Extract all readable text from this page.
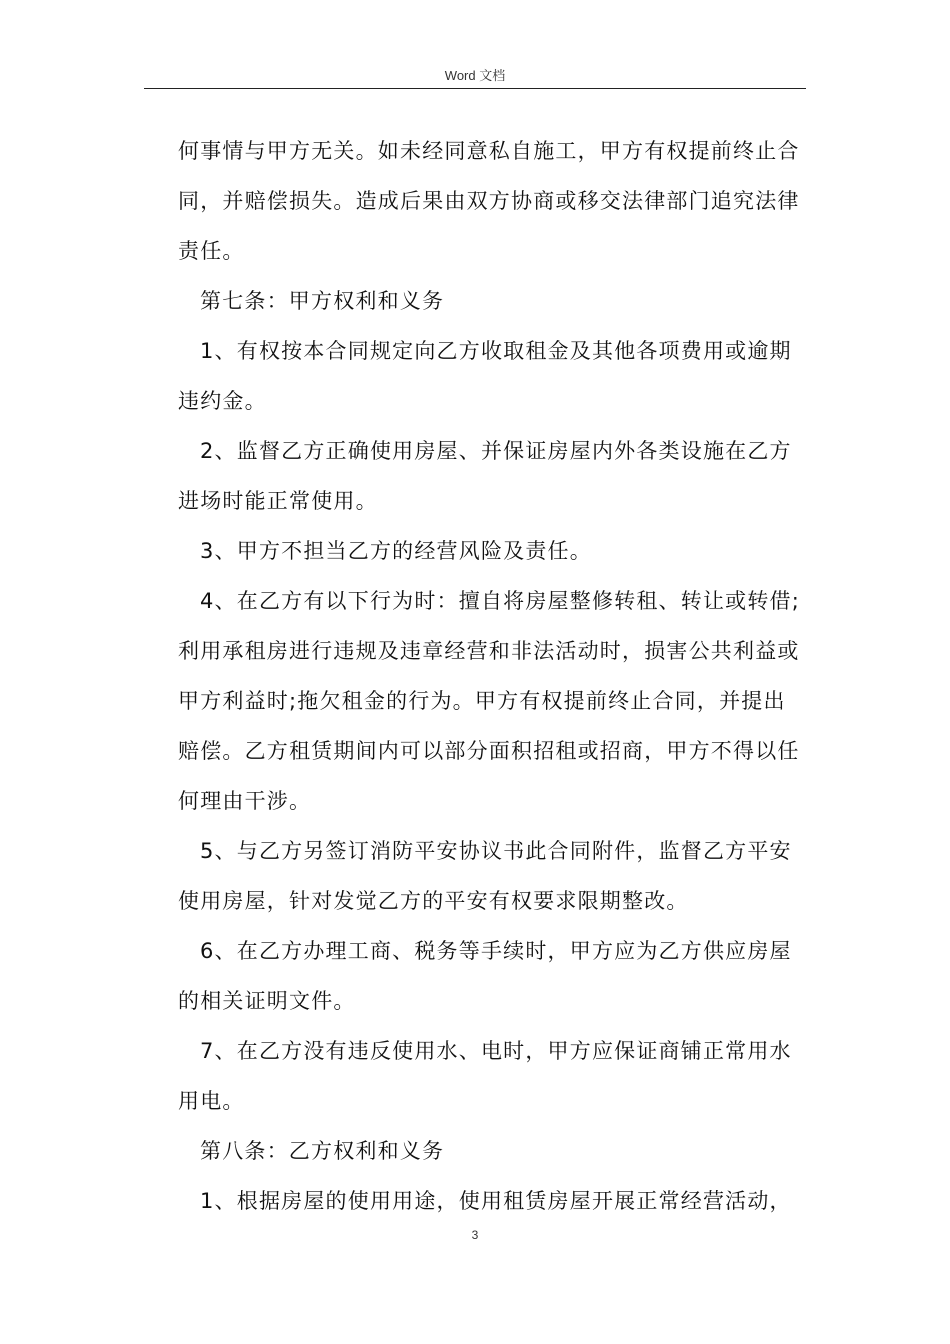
Word 文档

何事情与甲方无关。如未经同意私自施工，甲方有权提前终止合
同，并赔偿损失。造成后果由双方协商或移交法律部门追究法律
责任。

第七条：甲方权利和义务

1、有权按本合同规定向乙方收取租金及其他各项费用或逾期
违约金。

2、监督乙方正确使用房屋、并保证房屋内外各类设施在乙方
进场时能正常使用。

3、甲方不担当乙方的经营风险及责任。

4、在乙方有以下行为时：擅自将房屋整修转租、转让或转借;
利用承租房进行违规及违章经营和非法活动时，损害公共利益或
甲方利益时;拖欠租金的行为。甲方有权提前终止合同，并提出
赔偿。乙方租赁期间内可以部分面积招租或招商，甲方不得以任
何理由干涉。

5、与乙方另签订消防平安协议书此合同附件，监督乙方平安
使用房屋，针对发觉乙方的平安有权要求限期整改。

6、在乙方办理工商、税务等手续时，甲方应为乙方供应房屋
的相关证明文件。

7、在乙方没有违反使用水、电时，甲方应保证商铺正常用水
用电。

第八条：乙方权利和义务

1、根据房屋的使用用途，使用租赁房屋开展正常经营活动，

3
